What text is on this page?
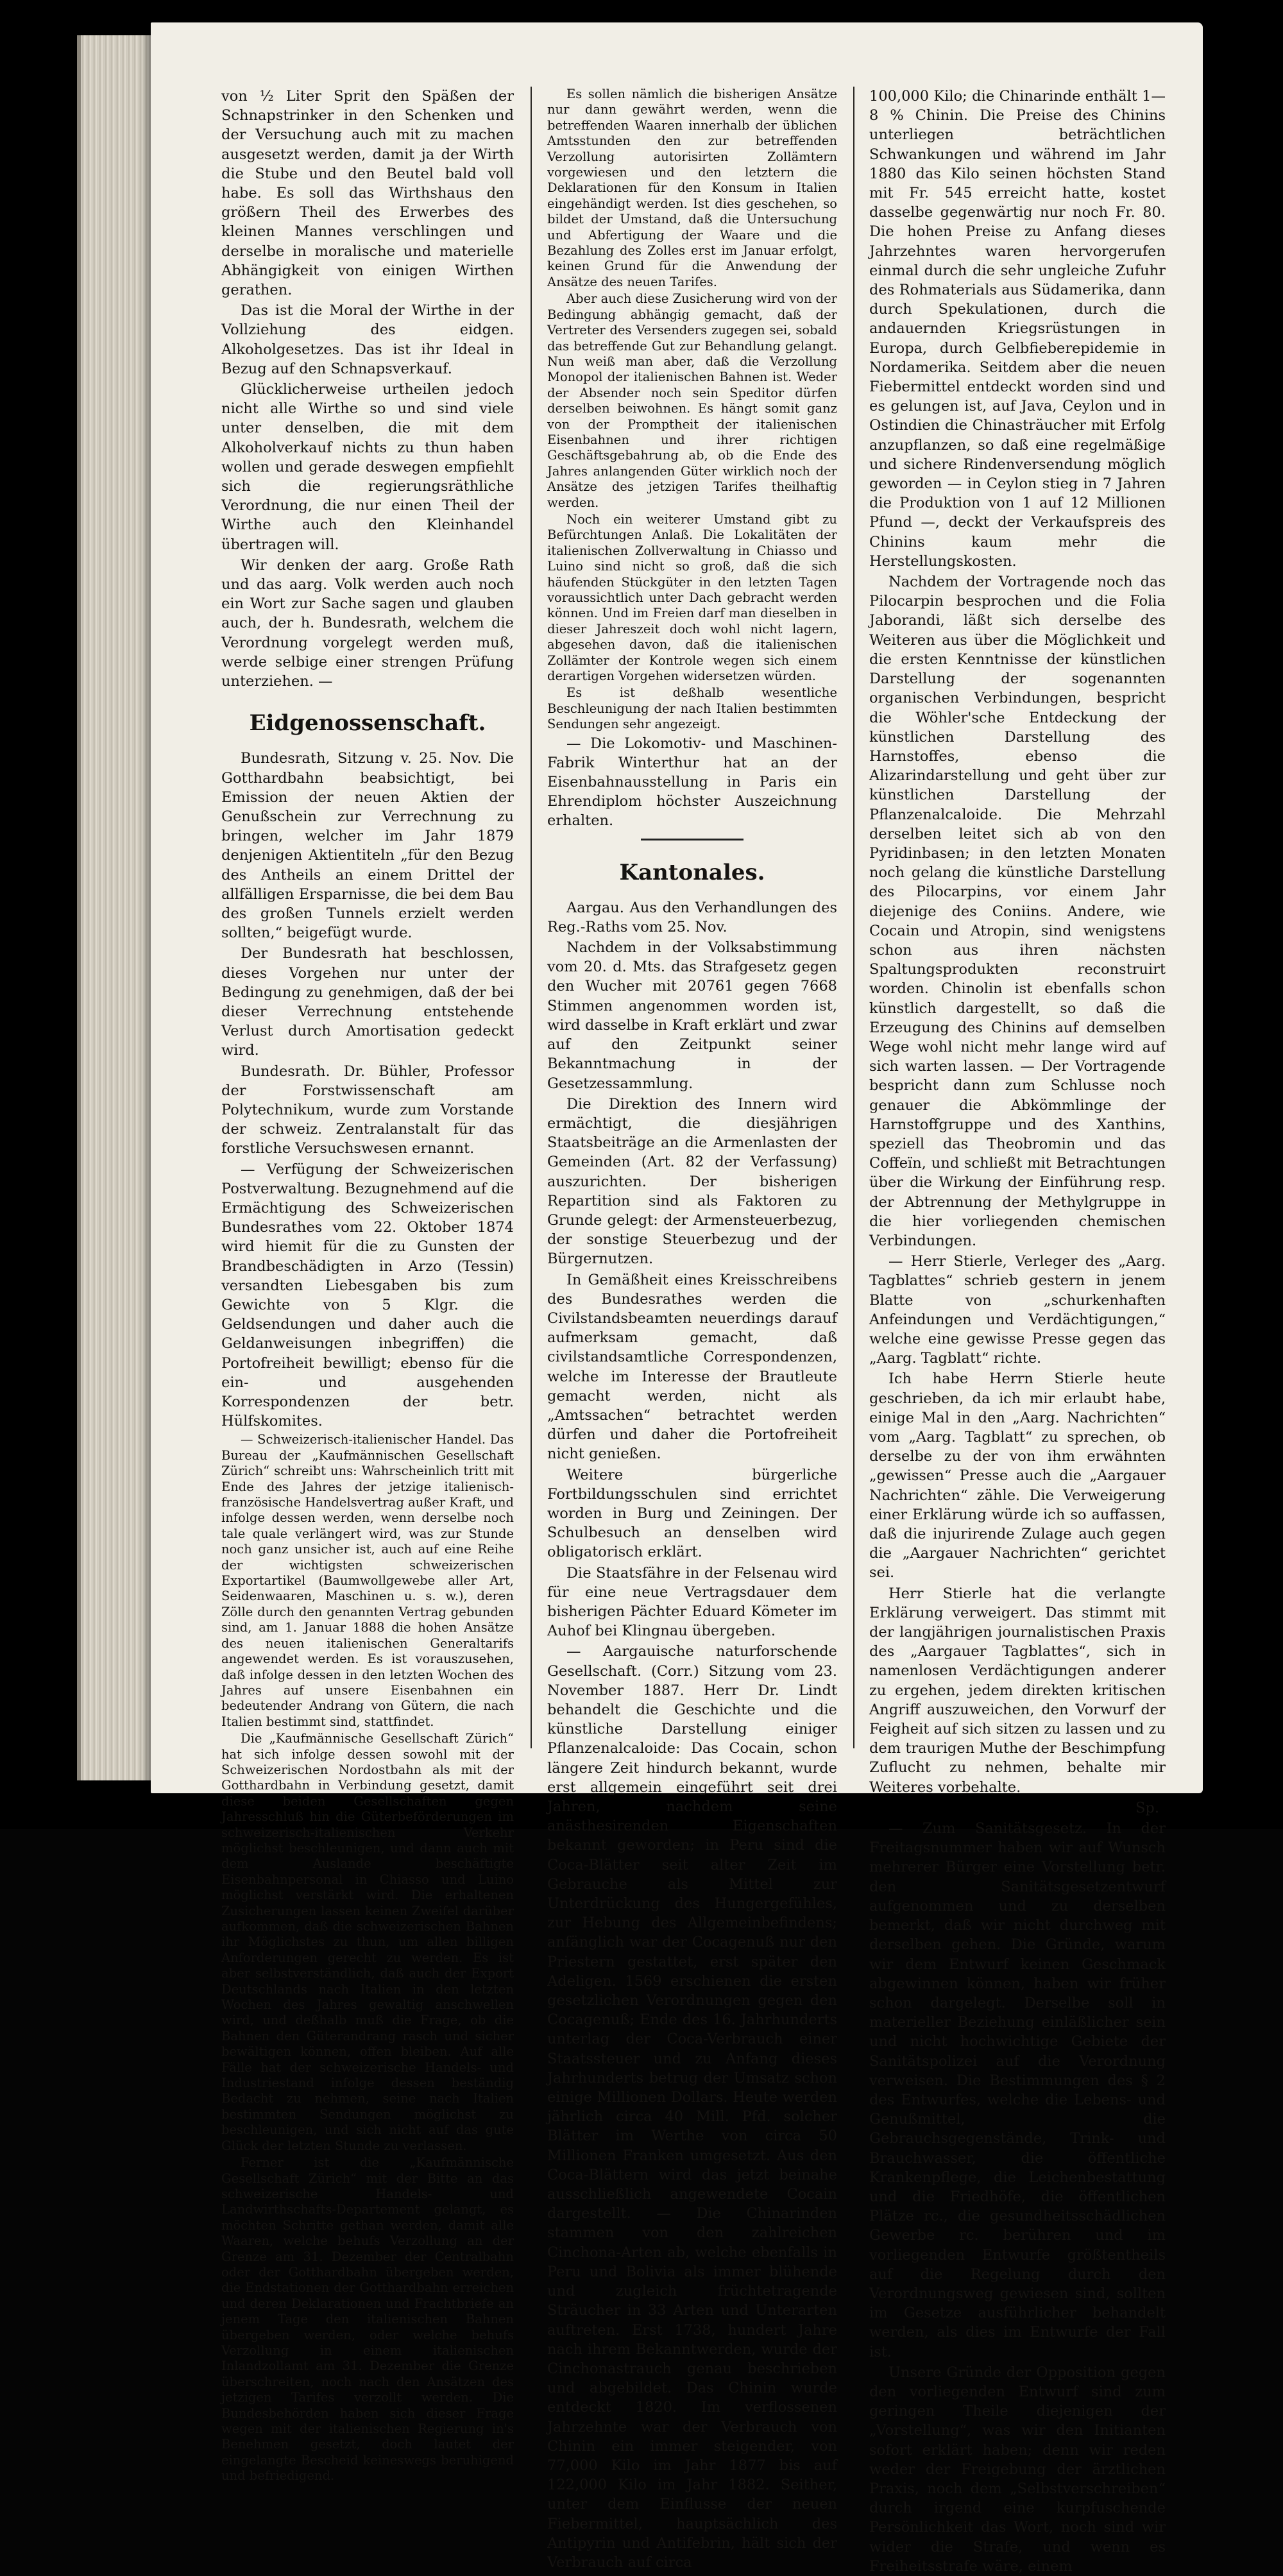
von ½ Liter Sprit den Späßen der Schnapstrinker in den Schenken und der Versuchung auch mit zu machen ausgesetzt werden, damit ja der Wirth die Stube und den Beutel bald voll habe. Es soll das Wirthshaus den größern Theil des Erwerbes des kleinen Mannes verschlingen und derselbe in moralische und materielle Abhängigkeit von einigen Wirthen gerathen.

Das ist die Moral der Wirthe in der Vollziehung des eidgen. Alkoholgesetzes. Das ist ihr Ideal in Bezug auf den Schnapsverkauf.

Glücklicherweise urtheilen jedoch nicht alle Wirthe so und sind viele unter denselben, die mit dem Alkoholverkauf nichts zu thun haben wollen und gerade deswegen empfiehlt sich die regierungsräthliche Verordnung, die nur einen Theil der Wirthe auch den Kleinhandel übertragen will.

Wir denken der aarg. Große Rath und das aarg. Volk werden auch noch ein Wort zur Sache sagen und glauben auch, der h. Bundesrath, welchem die Verordnung vorgelegt werden muß, werde selbige einer strengen Prüfung unterziehen. —

Eidgenossenschaft.

Bundesrath, Sitzung v. 25. Nov. Die Gotthardbahn beabsichtigt, bei Emission der neuen Aktien der Genußschein zur Verrechnung zu bringen, welcher im Jahr 1879 denjenigen Aktientiteln „für den Bezug des Antheils an einem Drittel der allfälligen Ersparnisse, die bei dem Bau des großen Tunnels erzielt werden sollten,“ beigefügt wurde.

Der Bundesrath hat beschlossen, dieses Vorgehen nur unter der Bedingung zu genehmigen, daß der bei dieser Verrechnung entstehende Verlust durch Amortisation gedeckt wird.

Bundesrath. Dr. Bühler, Professor der Forstwissenschaft am Polytechnikum, wurde zum Vorstande der schweiz. Zentralanstalt für das forstliche Versuchswesen ernannt.

— Verfügung der Schweizerischen Postverwaltung. Bezugnehmend auf die Ermächtigung des Schweizerischen Bundesrathes vom 22. Oktober 1874 wird hiemit für die zu Gunsten der Brandbeschädigten in Arzo (Tessin) versandten Liebesgaben bis zum Gewichte von 5 Klgr. die Geldsendungen und daher auch die Geldanweisungen inbegriffen) die Portofreiheit bewilligt; ebenso für die ein- und ausgehenden Korrespondenzen der betr. Hülfskomites.

— Schweizerisch-italienischer Handel. Das Bureau der „Kaufmännischen Gesellschaft Zürich“ schreibt uns: Wahrscheinlich tritt mit Ende des Jahres der jetzige italienisch-französische Handelsvertrag außer Kraft, und infolge dessen werden, wenn derselbe noch tale quale verlängert wird, was zur Stunde noch ganz unsicher ist, auch auf eine Reihe der wichtigsten schweizerischen Exportartikel (Baumwollgewebe aller Art, Seidenwaaren, Maschinen u. s. w.), deren Zölle durch den genannten Vertrag gebunden sind, am 1. Januar 1888 die hohen Ansätze des neuen italienischen Generaltarifs angewendet werden. Es ist vorauszusehen, daß infolge dessen in den letzten Wochen des Jahres auf unsere Eisenbahnen ein bedeutender Andrang von Gütern, die nach Italien bestimmt sind, stattfindet.

Die „Kaufmännische Gesellschaft Zürich“ hat sich infolge dessen sowohl mit der Schweizerischen Nordostbahn als mit der Gotthardbahn in Verbindung gesetzt, damit diese beiden Gesellschaften gegen Jahresschluß hin die Güterbeförderungen im schweizerisch-italienischen Verkehr möglichst beschleunigen, und dann auch mit dem Auslande beschäftigte Eisenbahnpersonal in Chiasso und Luino möglichst verstärkt wird. Die erhaltenen Zusicherungen lassen keinen Zweifel darüber aufkommen, daß die schweizerischen Bahnen ihr Möglichstes zu thun, um allen billigen Anforderungen gerecht zu werden. Es ist aber selbstverständlich, daß auch der Export Deutschlands nach Italien in den letzten Wochen des Jahres gewaltig anschwellen wird, und deßhalb muß die Frage, ob die Bahnen den Güterandrang rasch und sicher bewältigen können, offen bleiben. Auf alle Fälle hat der schweizerische Handels- und Industriestand infolge dessen beständig Bedacht zu nehmen, seine nach Italien bestimmten Sendungen möglichst zu beschleunigen, und sich nicht auf das gute Glück der letzten Stunde zu verlassen.

Ferner ist die „Kaufmännische Gesellschaft Zürich“ mit der Bitte an das schweizerische Handels- und Landwirthschafts-Departement gelangt, es möchten Schritte gethan werden, damit alle Waaren, welche behufs Verzollung an der Grenze am 31. Dezember der Centralbahn oder der Gotthardbahn übergeben werden, die Endstationen der Gotthardbahn erreichen und deren Deklarationen und Frachtbriefe an jenem Tage den italienischen Bahnen übergeben werden, oder welche behufs Verzollung in einem italienischen Inlandzollamt am 31. Dezember die Grenze überschreiten, noch nach den Ansätzen des jetzigen Tarifes verzollt werden. Die Bundesbehörden haben sich dieser Frage wegen mit der italienischen Regierung in's Benehmen gesetzt, doch lautet der eingelangte Bescheid keineswegs beruhigend und befriedigend.

Es sollen nämlich die bisherigen Ansätze nur dann gewährt werden, wenn die betreffenden Waaren innerhalb der üblichen Amtsstunden den zur betreffenden Verzollung autorisirten Zollämtern vorgewiesen und den letztern die Deklarationen für den Konsum in Italien eingehändigt werden. Ist dies geschehen, so bildet der Umstand, daß die Untersuchung und Abfertigung der Waare und die Bezahlung des Zolles erst im Januar erfolgt, keinen Grund für die Anwendung der Ansätze des neuen Tarifes.

Aber auch diese Zusicherung wird von der Bedingung abhängig gemacht, daß der Vertreter des Versenders zugegen sei, sobald das betreffende Gut zur Behandlung gelangt. Nun weiß man aber, daß die Verzollung Monopol der italienischen Bahnen ist. Weder der Absender noch sein Speditor dürfen derselben beiwohnen. Es hängt somit ganz von der Promptheit der italienischen Eisenbahnen und ihrer richtigen Geschäftsgebahrung ab, ob die Ende des Jahres anlangenden Güter wirklich noch der Ansätze des jetzigen Tarifes theilhaftig werden.

Noch ein weiterer Umstand gibt zu Befürchtungen Anlaß. Die Lokalitäten der italienischen Zollverwaltung in Chiasso und Luino sind nicht so groß, daß die sich häufenden Stückgüter in den letzten Tagen voraussichtlich unter Dach gebracht werden können. Und im Freien darf man dieselben in dieser Jahreszeit doch wohl nicht lagern, abgesehen davon, daß die italienischen Zollämter der Kontrole wegen sich einem derartigen Vorgehen widersetzen würden.

Es ist deßhalb wesentliche Beschleunigung der nach Italien bestimmten Sendungen sehr angezeigt.

— Die Lokomotiv- und Maschinen-Fabrik Winterthur hat an der Eisenbahnausstellung in Paris ein Ehrendiplom höchster Auszeichnung erhalten.

Kantonales.

Aargau. Aus den Verhandlungen des Reg.-Raths vom 25. Nov.

Nachdem in der Volksabstimmung vom 20. d. Mts. das Strafgesetz gegen den Wucher mit 20761 gegen 7668 Stimmen angenommen worden ist, wird dasselbe in Kraft erklärt und zwar auf den Zeitpunkt seiner Bekanntmachung in der Gesetzessammlung.

Die Direktion des Innern wird ermächtigt, die diesjährigen Staatsbeiträge an die Armenlasten der Gemeinden (Art. 82 der Verfassung) auszurichten. Der bisherigen Repartition sind als Faktoren zu Grunde gelegt: der Armensteuerbezug, der sonstige Steuerbezug und der Bürgernutzen.

In Gemäßheit eines Kreisschreibens des Bundesrathes werden die Civilstandsbeamten neuerdings darauf aufmerksam gemacht, daß civilstandsamtliche Correspondenzen, welche im Interesse der Brautleute gemacht werden, nicht als „Amtssachen“ betrachtet werden dürfen und daher die Portofreiheit nicht genießen.

Weitere bürgerliche Fortbildungsschulen sind errichtet worden in Burg und Zeiningen. Der Schulbesuch an denselben wird obligatorisch erklärt.

Die Staatsfähre in der Felsenau wird für eine neue Vertragsdauer dem bisherigen Pächter Eduard Kömeter im Auhof bei Klingnau übergeben.

— Aargauische naturforschende Gesellschaft. (Corr.) Sitzung vom 23. November 1887. Herr Dr. Lindt behandelt die Geschichte und die künstliche Darstellung einiger Pflanzenalcaloide: Das Cocain, schon längere Zeit hindurch bekannt, wurde erst allgemein eingeführt seit drei Jahren, nachdem seine anästhesirenden Eigenschaften bekannt geworden; in Peru sind die Coca-Blätter seit alter Zeit im Gebrauche als Mittel zur Unterdrückung des Hungergefühles, zur Hebung des Allgemeinbefindens; anfänglich war der Cocagenuß nur den Priestern gestattet, erst später den Adeligen. 1569 erschienen die ersten gesetzlichen Verordnungen gegen den Cocagenuß; Ende des 16. Jahrhunderts unterlag der Coca-Verbrauch einer Staatssteuer und zu Anfang dieses Jahrhunderts betrug der Umsatz schon einige Millionen Dollars. Heute werden jährlich circa 40 Mill. Pfd. solcher Blätter im Werthe von circa 50 Millionen Franken umgesetzt. Aus den Coca-Blättern wird das jetzt beinahe ausschließlich angewendete Cocain dargestellt. — Die Chinarinden stammen von den zahlreichen Cinchona-Arten ab, welche ebenfalls in Peru und Bolivia als immer blühende und zugleich früchtetragende Sträucher in 33 Arten und Unterarten auftreten. Erst 1738, hundert Jahre nach ihrem Bekanntwerden, wurde der Cinchonastrauch genau beschrieben und abgebildet. Das Chinin wurde entdeckt 1820. Im verflossenen Jahrzehnte war der Verbrauch von Chinin ein immer steigender, von 77,000 Kilo im Jahr 1877 bis auf 122,000 Kilo im Jahr 1882. Seither, unter dem Einflusse der neuen Fiebermittel, hauptsächlich des Antipyrin und Antifebrin, hält sich der Verbrauch auf circa

100,000 Kilo; die Chinarinde enthält 1—8 % Chinin. Die Preise des Chinins unterliegen beträchtlichen Schwankungen und während im Jahr 1880 das Kilo seinen höchsten Stand mit Fr. 545 erreicht hatte, kostet dasselbe gegenwärtig nur noch Fr. 80. Die hohen Preise zu Anfang dieses Jahrzehntes waren hervorgerufen einmal durch die sehr ungleiche Zufuhr des Rohmaterials aus Südamerika, dann durch Spekulationen, durch die andauernden Kriegsrüstungen in Europa, durch Gelbfieberepidemie in Nordamerika. Seitdem aber die neuen Fiebermittel entdeckt worden sind und es gelungen ist, auf Java, Ceylon und in Ostindien die Chinasträucher mit Erfolg anzupflanzen, so daß eine regelmäßige und sichere Rindenversendung möglich geworden — in Ceylon stieg in 7 Jahren die Produktion von 1 auf 12 Millionen Pfund —, deckt der Verkaufspreis des Chinins kaum mehr die Herstellungskosten.

Nachdem der Vortragende noch das Pilocarpin besprochen und die Folia Jaborandi, läßt sich derselbe des Weiteren aus über die Möglichkeit und die ersten Kenntnisse der künstlichen Darstellung der sogenannten organischen Verbindungen, bespricht die Wöhler'sche Entdeckung der künstlichen Darstellung des Harnstoffes, ebenso die Alizarindarstellung und geht über zur künstlichen Darstellung der Pflanzenalcaloide. Die Mehrzahl derselben leitet sich ab von den Pyridinbasen; in den letzten Monaten noch gelang die künstliche Darstellung des Pilocarpins, vor einem Jahr diejenige des Coniins. Andere, wie Cocain und Atropin, sind wenigstens schon aus ihren nächsten Spaltungsprodukten reconstruirt worden. Chinolin ist ebenfalls schon künstlich dargestellt, so daß die Erzeugung des Chinins auf demselben Wege wohl nicht mehr lange wird auf sich warten lassen. — Der Vortragende bespricht dann zum Schlusse noch genauer die Abkömmlinge der Harnstoffgruppe und des Xanthins, speziell das Theobromin und das Coffeïn, und schließt mit Betrachtungen über die Wirkung der Einführung resp. der Abtrennung der Methylgruppe in die hier vorliegenden chemischen Verbindungen.

— Herr Stierle, Verleger des „Aarg. Tagblattes“ schrieb gestern in jenem Blatte von „schurkenhaften Anfeindungen und Verdächtigungen,“ welche eine gewisse Presse gegen das „Aarg. Tagblatt“ richte.

Ich habe Herrn Stierle heute geschrieben, da ich mir erlaubt habe, einige Mal in den „Aarg. Nachrichten“ vom „Aarg. Tagblatt“ zu sprechen, ob derselbe zu der von ihm erwähnten „gewissen“ Presse auch die „Aargauer Nachrichten“ zähle. Die Verweigerung einer Erklärung würde ich so auffassen, daß die injurirende Zulage auch gegen die „Aargauer Nachrichten“ gerichtet sei.

Herr Stierle hat die verlangte Erklärung verweigert. Das stimmt mit der langjährigen journalistischen Praxis des „Aargauer Tagblattes“, sich in namenlosen Verdächtigungen anderer zu ergehen, jedem direkten kritischen Angriff auszuweichen, den Vorwurf der Feigheit auf sich sitzen zu lassen und zu dem traurigen Muthe der Beschimpfung Zuflucht zu nehmen, behalte mir Weiteres vorbehalte.

Sp.

— Zum Sanitätsgesetz. In der Freitagsnummer haben wir auf Wunsch mehrerer Bürger eine Vorstellung betr. den Sanitätsgesetzentwurf aufgenommen und zu derselben bemerkt, daß wir nicht durchweg mit derselben gehen. Die Gründe, warum wir dem Entwurf keinen Geschmack abgewinnen können, haben wir früher schon dargelegt. Derselbe soll in materieller Beziehung einläßlicher sein und nicht hochwichtige Gebiete der Sanitätspolizei auf die Verordnung verweisen. Die Bestimmungen des § 2 des Entwurfes, welche die Lebens- und Genußmittel, die Gebrauchsgegenstände, Trink- und Brauchwasser, die öffentliche Krankenpflege, die Leichenbestattung und die Friedhöfe, die öffentlichen Plätze rc., die gesundheitsschädlichen Gewerbe rc. berühren und im vorliegenden Entwurfe größtentheils auf die Regelung durch den Verordnungsweg gewiesen sind, sollten im Gesetze ausführlicher behandelt werden, als dies im Entwurfe der Fall ist.

Unsere Gründe der Opposition gegen den vorliegenden Entwurf sind zum geringen Theile diejenigen der „Vorstellung“, was wir den Initianten sofort erklärt haben; denn wir reden weder der Freigebung der ärztlichen Praxis, noch dem „Selbstverschreiben“ durch irgend eine kurpfuschende Persönlichkeit das Wort, noch sind wir wider die Strafe, und wenn es Freiheitsstrafe wäre, einem
